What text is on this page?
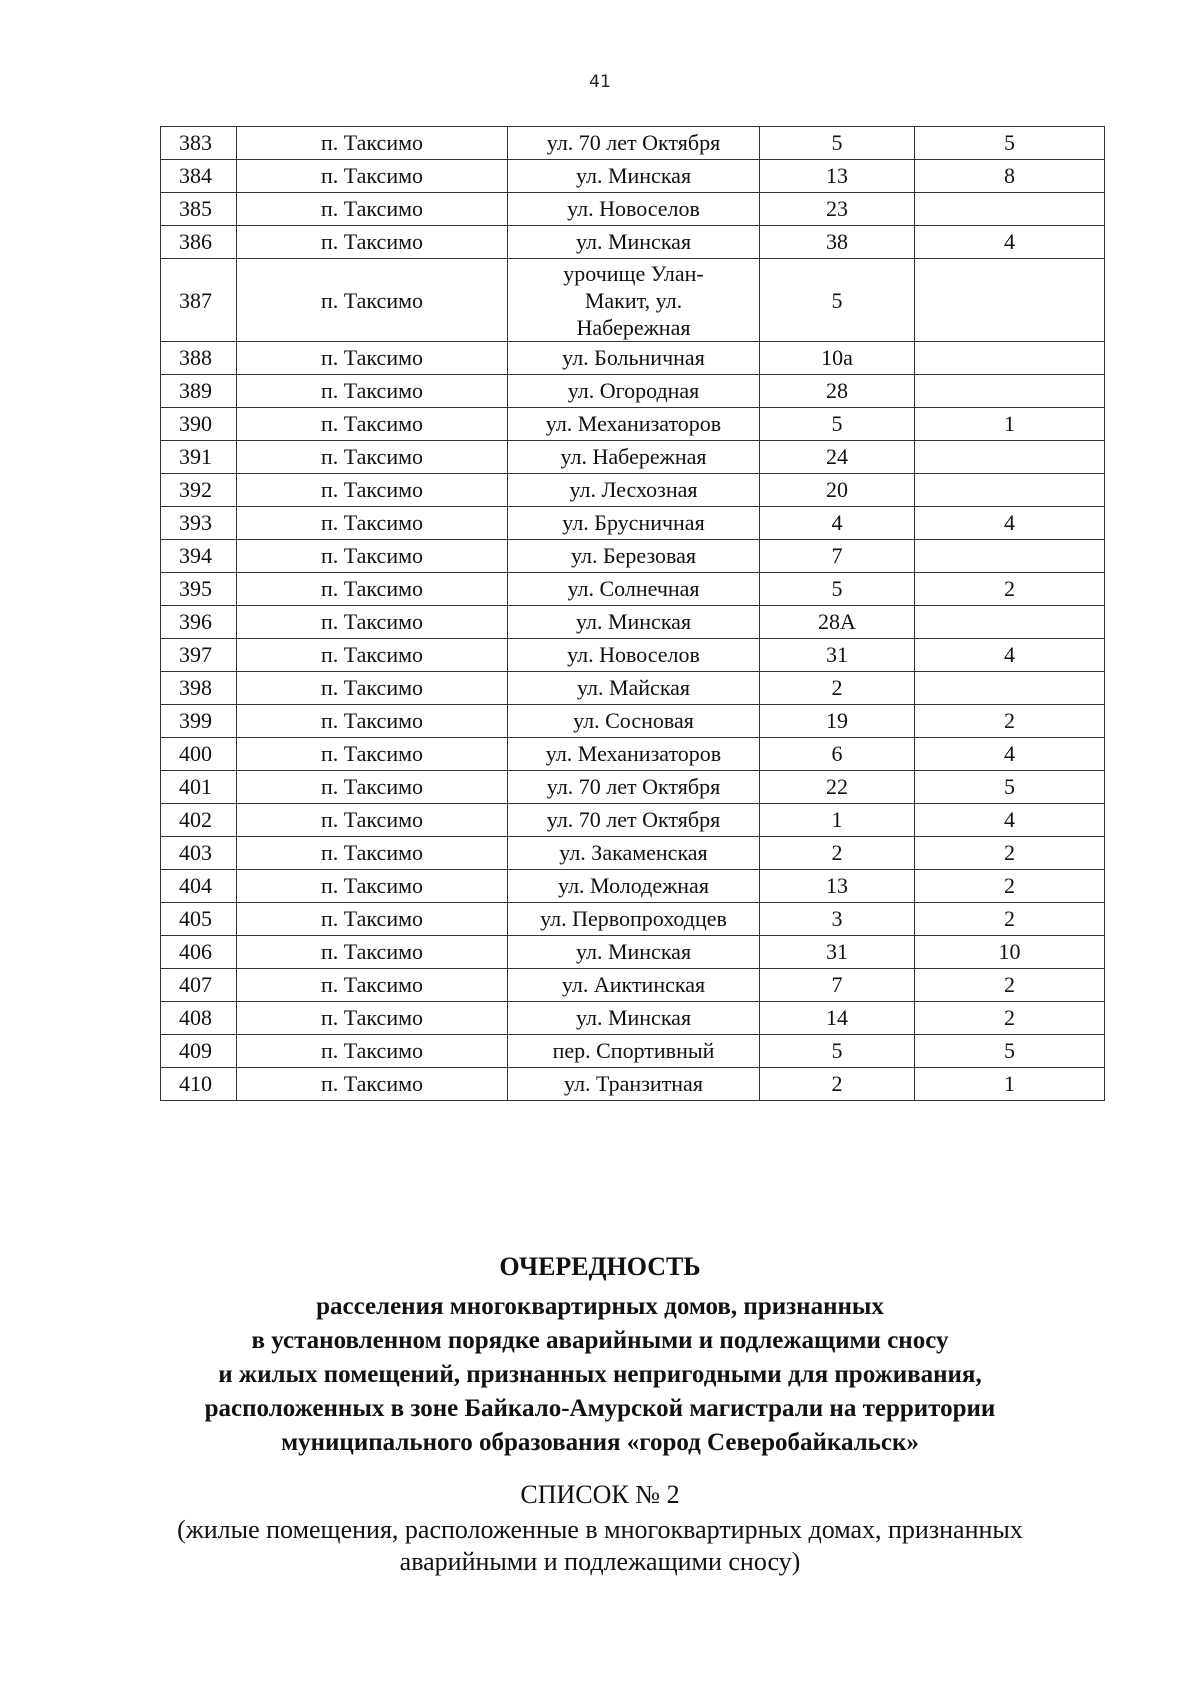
41
383	п. Таксимо	ул. 70 лет Октября	5	5
384	п. Таксимо	ул. Минская	13	8
385	п. Таксимо	ул. Новоселов	23	
386	п. Таксимо	ул. Минская	38	4
387	п. Таксимо	урочище Улан-Макит, ул. Набережная	5	
388	п. Таксимо	ул. Больничная	10а	
389	п. Таксимо	ул. Огородная	28	
390	п. Таксимо	ул. Механизаторов	5	1
391	п. Таксимо	ул. Набережная	24	
392	п. Таксимо	ул. Лесхозная	20	
393	п. Таксимо	ул. Брусничная	4	4
394	п. Таксимо	ул. Березовая	7	
395	п. Таксимо	ул. Солнечная	5	2
396	п. Таксимо	ул. Минская	28А	
397	п. Таксимо	ул. Новоселов	31	4
398	п. Таксимо	ул. Майская	2	
399	п. Таксимо	ул. Сосновая	19	2
400	п. Таксимо	ул. Механизаторов	6	4
401	п. Таксимо	ул. 70 лет Октября	22	5
402	п. Таксимо	ул. 70 лет Октября	1	4
403	п. Таксимо	ул. Закаменская	2	2
404	п. Таксимо	ул. Молодежная	13	2
405	п. Таксимо	ул. Первопроходцев	3	2
406	п. Таксимо	ул. Минская	31	10
407	п. Таксимо	ул. Аиктинская	7	2
408	п. Таксимо	ул. Минская	14	2
409	п. Таксимо	пер. Спортивный	5	5
410	п. Таксимо	ул. Транзитная	2	1
ОЧЕРЕДНОСТЬ
расселения многоквартирных домов, признанных
в установленном порядке аварийными и подлежащими сносу
и жилых помещений, признанных непригодными для проживания,
расположенных в зоне Байкало-Амурской магистрали на территории
муниципального образования «город Северобайкальск»
СПИСОК № 2
(жилые помещения, расположенные в многоквартирных домах, признанных
аварийными и подлежащими сносу)
